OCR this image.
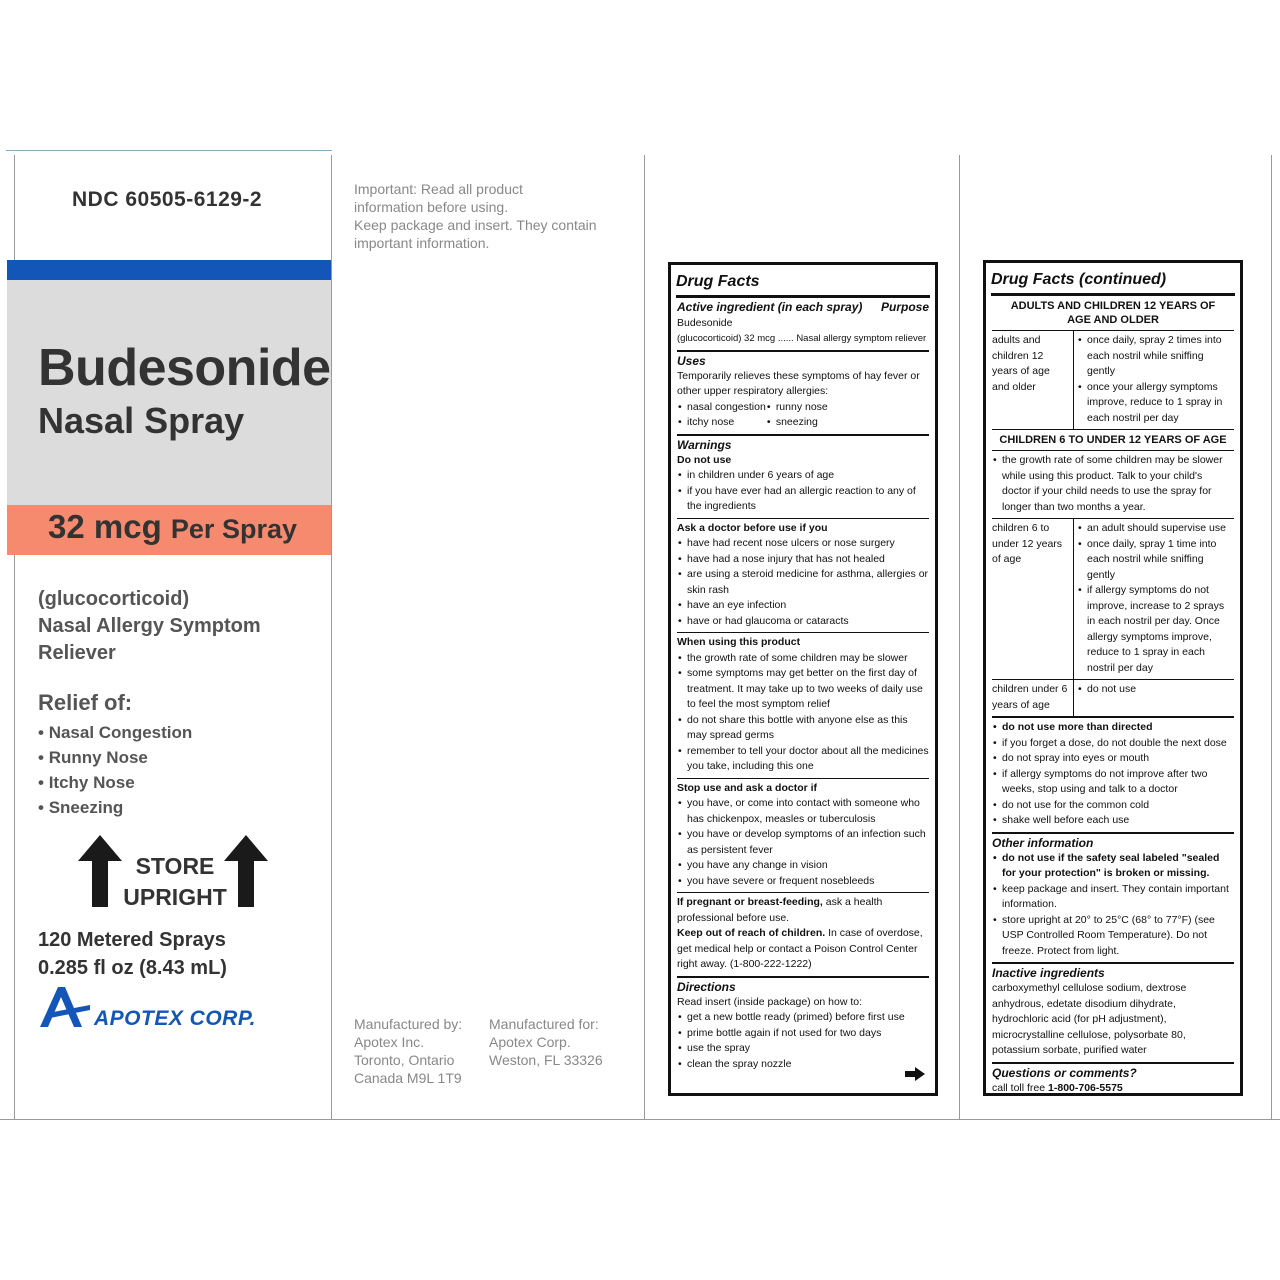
NDC 60505-6129-2
Budesonide
Nasal Spray
32 mcg Per Spray
(glucocorticoid)
Nasal Allergy Symptom
Reliever
Relief of:
• Nasal Congestion
• Runny Nose
• Itchy Nose
• Sneezing
STORE
UPRIGHT
120 Metered Sprays
0.285 fl oz (8.43 mL)
APOTEX CORP.
Important: Read all product
information before using.
Keep package and insert. They contain
important information.
Manufactured by:
Apotex Inc.
Toronto, Ontario
Canada M9L 1T9
Manufactured for:
Apotex Corp.
Weston, FL 33326
Drug Facts
Active ingredient (in each spray) Purpose
Budesonide
(glucocorticoid) 32 mcg ...... Nasal allergy symptom reliever
Uses
Temporarily relieves these symptoms of hay fever or other upper respiratory allergies:
• nasal congestion
• itchy nose
• runny nose
• sneezing
Warnings
Do not use
• in children under 6 years of age
• if you have ever had an allergic reaction to any of the ingredients
Ask a doctor before use if you
• have had recent nose ulcers or nose surgery
• have had a nose injury that has not healed
• are using a steroid medicine for asthma, allergies or skin rash
• have an eye infection
• have or had glaucoma or cataracts
When using this product
• the growth rate of some children may be slower
• some symptoms may get better on the first day of treatment. It may take up to two weeks of daily use to feel the most symptom relief
• do not share this bottle with anyone else as this may spread germs
• remember to tell your doctor about all the medicines you take, including this one
Stop use and ask a doctor if
• you have, or come into contact with someone who has chickenpox, measles or tuberculosis
• you have or develop symptoms of an infection such as persistent fever
• you have any change in vision
• you have severe or frequent nosebleeds
If pregnant or breast-feeding, ask a health professional before use.
Keep out of reach of children. In case of overdose, get medical help or contact a Poison Control Center right away. (1-800-222-1222)
Directions
Read insert (inside package) on how to:
• get a new bottle ready (primed) before first use
• prime bottle again if not used for two days
• use the spray
• clean the spray nozzle
Drug Facts (continued)
ADULTS AND CHILDREN 12 YEARS OF AGE AND OLDER
adults and children 12 years of age and older
• once daily, spray 2 times into each nostril while sniffing gently
• once your allergy symptoms improve, reduce to 1 spray in each nostril per day
CHILDREN 6 TO UNDER 12 YEARS OF AGE
• the growth rate of some children may be slower while using this product. Talk to your child's doctor if your child needs to use the spray for longer than two months a year.
children 6 to under 12 years of age
• an adult should supervise use
• once daily, spray 1 time into each nostril while sniffing gently
• if allergy symptoms do not improve, increase to 2 sprays in each nostril per day. Once allergy symptoms improve, reduce to 1 spray in each nostril per day
children under 6 years of age
• do not use
• do not use more than directed
• if you forget a dose, do not double the next dose
• do not spray into eyes or mouth
• if allergy symptoms do not improve after two weeks, stop using and talk to a doctor
• do not use for the common cold
• shake well before each use
Other information
• do not use if the safety seal labeled "sealed for your protection" is broken or missing.
• keep package and insert. They contain important information.
• store upright at 20° to 25°C (68° to 77°F) (see USP Controlled Room Temperature). Do not freeze. Protect from light.
Inactive ingredients
carboxymethyl cellulose sodium, dextrose anhydrous, edetate disodium dihydrate, hydrochloric acid (for pH adjustment), microcrystalline cellulose, polysorbate 80, potassium sorbate, purified water
Questions or comments?
call toll free 1-800-706-5575
